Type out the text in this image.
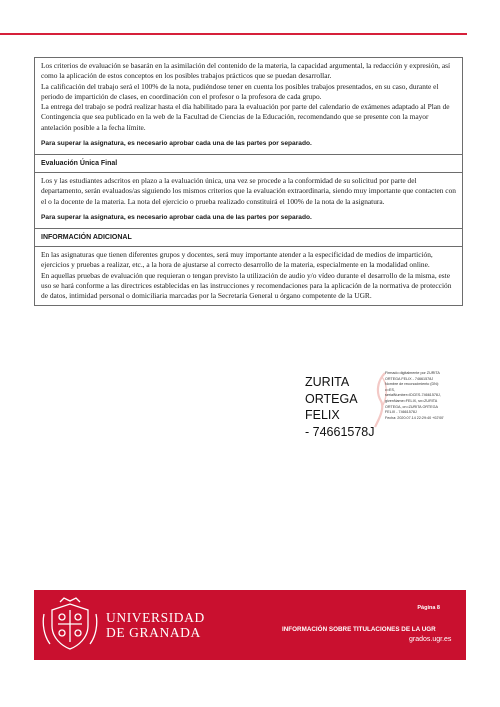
Los criterios de evaluación se basarán en la asimilación del contenido de la materia, la capacidad argumental, la redacción y expresión, así como la aplicación de estos conceptos en los posibles trabajos prácticos que se puedan desarrollar.

La calificación del trabajo será el 100% de la nota, pudiéndose tener en cuenta los posibles trabajos presentados, en su caso, durante el periodo de impartición de clases, en coordinación con el profesor o la profesora de cada grupo.

La entrega del trabajo se podrá realizar hasta el día habilitado para la evaluación por parte del calendario de exámenes adaptado al Plan de Contingencia que sea publicado en la web de la Facultad de Ciencias de la Educación, recomendando que se presente con la mayor antelación posible a la fecha límite.

Para superar la asignatura, es necesario aprobar cada una de las partes por separado.

Evaluación Única Final

Los y las estudiantes adscritos en plazo a la evaluación única, una vez se procede a la conformidad de su solicitud por parte del departamento, serán evaluados/as siguiendo los mismos criterios que la evaluación extraordinaria, siendo muy importante que contacten con el o la docente de la materia. La nota del ejercicio o prueba realizado constituirá el 100% de la nota de la asignatura.

Para superar la asignatura, es necesario aprobar cada una de las partes por separado.

INFORMACIÓN ADICIONAL

En las asignaturas que tienen diferentes grupos y docentes, será muy importante atender a la especificidad de medios de impartición, ejercicios y pruebas a realizar, etc., a la hora de ajustarse al correcto desarrollo de la materia, especialmente en la modalidad online.

En aquellas pruebas de evaluación que requieran o tengan previsto la utilización de audio y/o vídeo durante el desarrollo de la misma, este uso se hará conforme a las directrices establecidas en las instrucciones y recomendaciones para la aplicación de la normativa de protección de datos, intimidad personal o domiciliaria marcadas por la Secretaría General u órgano competente de la UGR.

ZURITA
ORTEGA FELIX
- 74661578J
Firmado digitalmente por ZURITA
ORTEGA FELIX - 74661578J
Nombre de reconocimiento (DN):
c=ES,
serialNumber=IDCES-74661578J,
givenName=FELIX, sn=ZURITA
ORTEGA, cn=ZURITA ORTEGA
FELIX - 74661578J
Fecha: 2020.07.14 22:29:40 +02'00'
UNIVERSIDAD
DE GRANADA
Página 8
INFORMACIÓN SOBRE TITULACIONES DE LA UGR
grados.ugr.es
